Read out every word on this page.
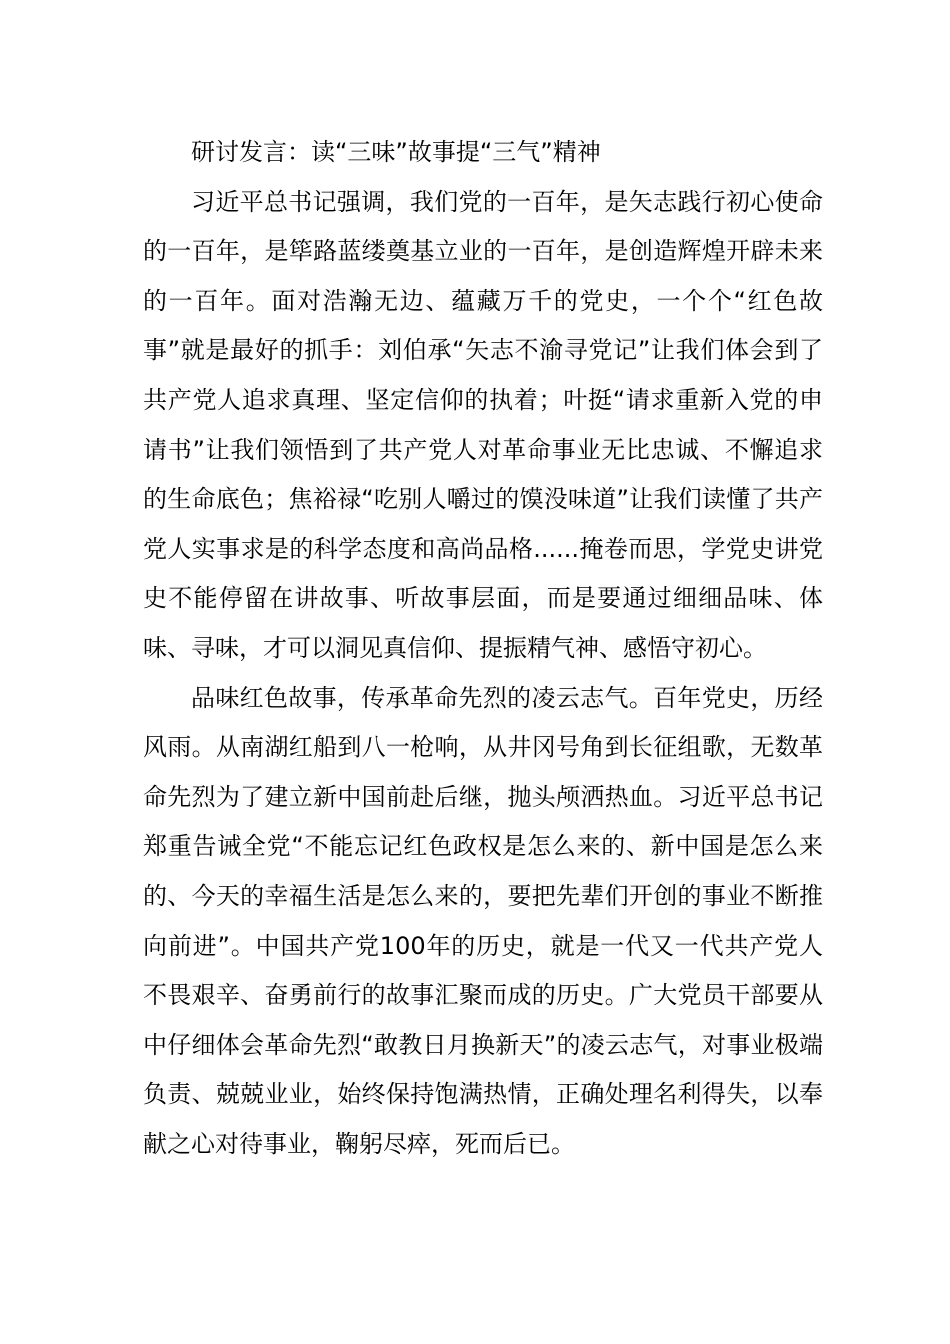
研讨发言：读“三味”故事提“三气”精神

习近平总书记强调，我们党的一百年，是矢志践行初心使命的一百年，是筚路蓝缕奠基立业的一百年，是创造辉煌开辟未来的一百年。面对浩瀚无边、蕴藏万千的党史，一个个“红色故事”就是最好的抓手：刘伯承“矢志不渝寻党记”让我们体会到了共产党人追求真理、坚定信仰的执着；叶挺“请求重新入党的申请书”让我们领悟到了共产党人对革命事业无比忠诚、不懈追求的生命底色；焦裕禄“吃别人嚼过的馍没味道”让我们读懂了共产党人实事求是的科学态度和高尚品格......掩卷而思，学党史讲党史不能停留在讲故事、听故事层面，而是要通过细细品味、体味、寻味，才可以洞见真信仰、提振精气神、感悟守初心。

品味红色故事，传承革命先烈的凌云志气。百年党史，历经风雨。从南湖红船到八一枪响，从井冈号角到长征组歌，无数革命先烈为了建立新中国前赴后继，抛头颅洒热血。习近平总书记郑重告诫全党“不能忘记红色政权是怎么来的、新中国是怎么来的、今天的幸福生活是怎么来的，要把先辈们开创的事业不断推向前进”。中国共产党100年的历史，就是一代又一代共产党人不畏艰辛、奋勇前行的故事汇聚而成的历史。广大党员干部要从中仔细体会革命先烈“敢教日月换新天”的凌云志气，对事业极端负责、兢兢业业，始终保持饱满热情，正确处理名利得失，以奉献之心对待事业，鞠躬尽瘁，死而后已。
